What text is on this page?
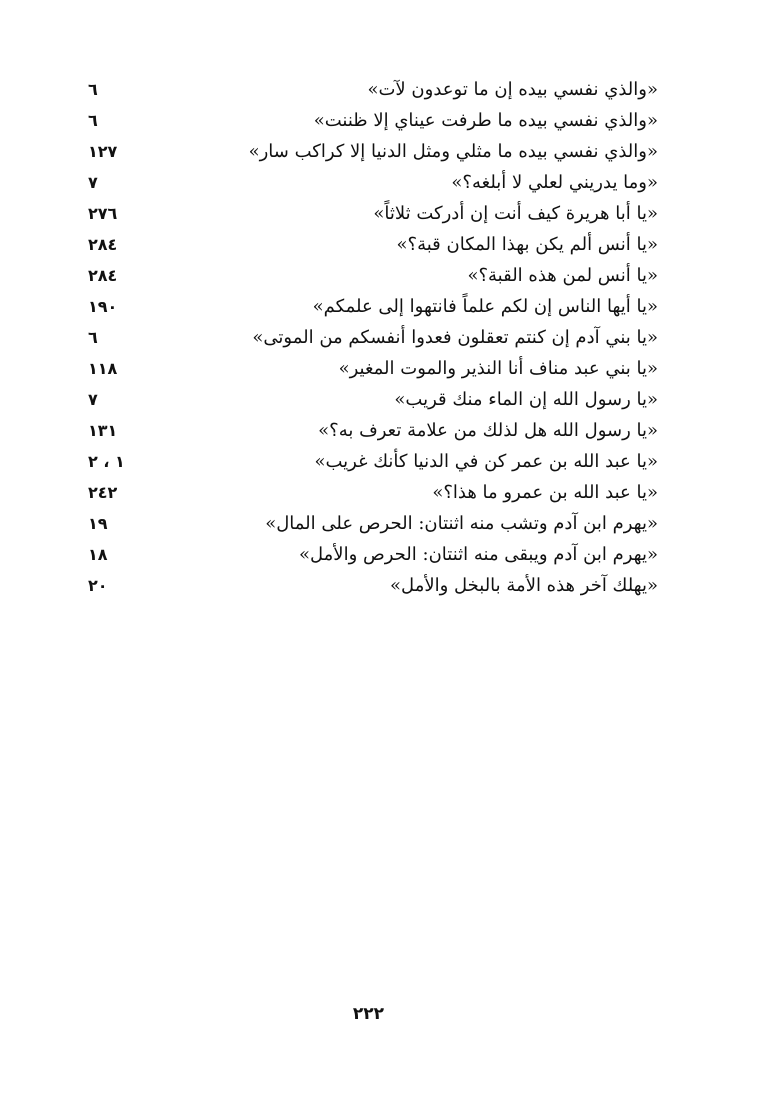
٦	«والذي نفسي بيده إن ما توعدون لآت»
٦	«والذي نفسي بيده ما طرفت عيناي إلا ظننت»
١٢٧	«والذي نفسي بيده ما مثلي ومثل الدنيا إلا كراكب سار»
٧	«وما يدريني لعلي لا أبلغه؟»
٢٧٦	«يا أبا هريرة كيف أنت إن أدركت ثلاثاً»
٢٨٤	«يا أنس ألم يكن بهذا المكان قبة؟»
٢٨٤	«يا أنس لمن هذه القبة؟»
١٩٠	«يا أيها الناس إن لكم علماً فانتهوا إلى علمكم»
٦	«يا بني آدم إن كنتم تعقلون فعدوا أنفسكم من الموتى»
١١٨	«يا بني عبد مناف أنا النذير والموت المغير»
٧	«يا رسول الله إن الماء منك قريب»
١٣١	«يا رسول الله هل لذلك من علامة تعرف به؟»
١ ، ٢	«يا عبد الله بن عمر كن في الدنيا كأنك غريب»
٢٤٢	«يا عبد الله بن عمرو ما هذا؟»
١٩	«يهرم ابن آدم وتشب منه اثنتان: الحرص على المال»
١٨	«يهرم ابن آدم ويبقى منه اثنتان: الحرص والأمل»
٢٠	«يهلك آخر هذه الأمة بالبخل والأمل»
٢٢٢
